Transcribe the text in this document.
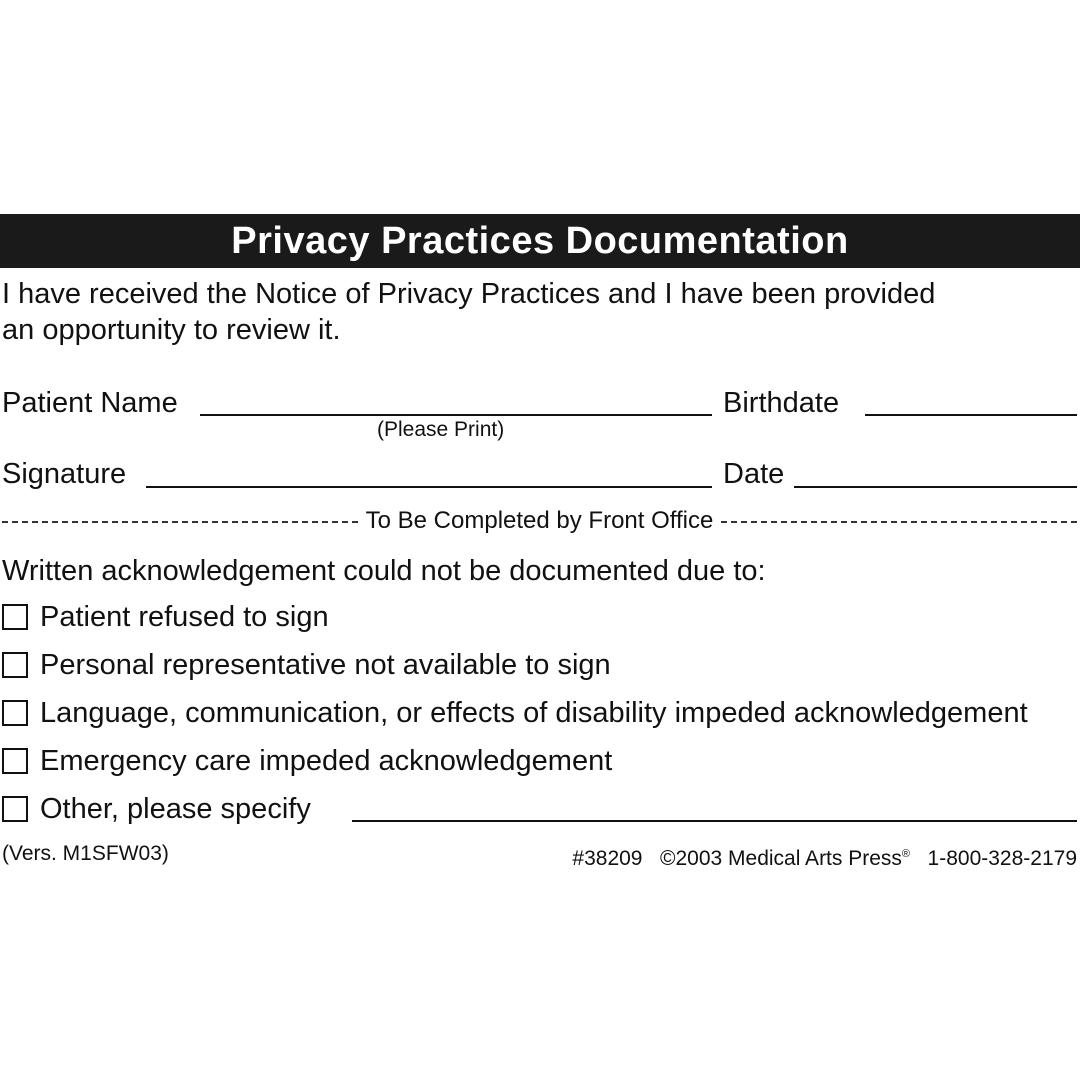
Privacy Practices Documentation
I have received the Notice of Privacy Practices and I have been provided
an opportunity to review it.
Patient Name
(Please Print)
Birthdate
Signature	Date
To Be Completed by Front Office
Written acknowledgement could not be documented due to:
Patient refused to sign
Personal representative not available to sign
Language, communication, or effects of disability impeded acknowledgement
Emergency care impeded acknowledgement
Other, please specify
(Vers. M1SFW03)	#38209 ©2003 Medical Arts Press® 1-800-328-2179
